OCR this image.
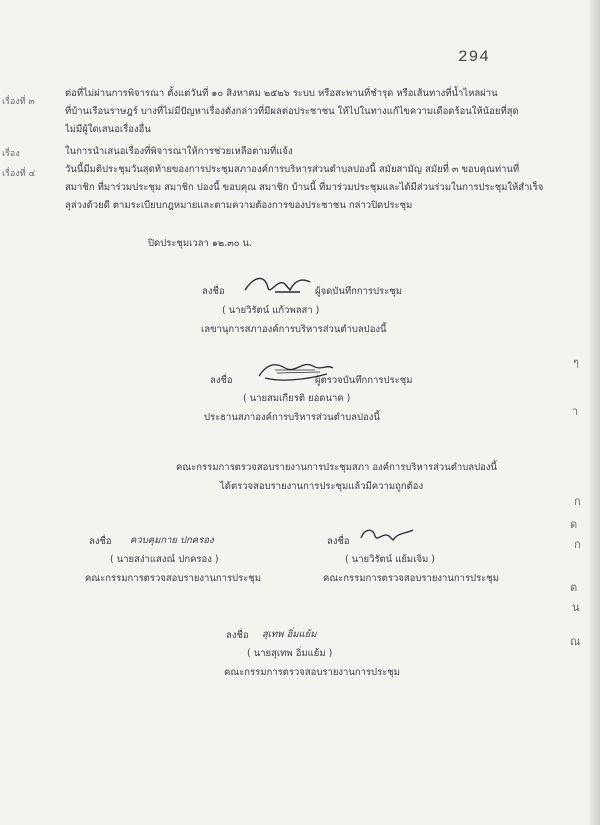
294
เรื่องที่ ๓
เรื่อง
เรื่องที่ ๔
ต่อที่ไม่ผ่านการพิจารณา ตั้งแต่วันที่ ๑๐ สิงหาคม ๒๕๒๖ ระบบ หรือสะพานที่ชำรุด หรือเส้นทางที่น้ำไหลผ่าน
ที่บ้านเรือนราษฎร์ บางที่ไม่มีปัญหาเรื่องดังกล่าวที่มีผลต่อประชาชน ให้ไปในทางแก้ไขความเดือดร้อนให้น้อยที่สุด
ไม่มีผู้ใดเสนอเรื่องอื่น
ในการนำเสนอเรื่องที่พิจารณาให้การช่วยเหลือตามที่แจ้ง
วันนี้มีมติประชุมวันสุดท้ายของการประชุมสภาองค์การบริหารส่วนตำบลปองนี้ สมัยสามัญ สมัยที่ ๓ ขอบคุณท่านที่
สมาชิก ที่มาร่วมประชุม สมาชิก ปองนี้ ขอบคุณ สมาชิก บ้านนี้ ที่มาร่วมประชุมและได้มีส่วนร่วมในการประชุมให้สำเร็จ
ลุล่วงด้วยดี ตามระเบียบกฎหมายและตามความต้องการของประชาชน กล่าวปิดประชุม
ปิดประชุมเวลา ๑๒.๓๐ น.
ลงชื่อ	ผู้จดบันทึกการประชุม
( นายวิรัตน์ แก้วพลสา )
เลขานุการสภาองค์การบริหารส่วนตำบลปองนี้
ลงชื่อ	ผู้ตรวจบันทึกการประชุม
( นายสมเกียรติ ยอดนาค )
ประธานสภาองค์การบริหารส่วนตำบลปองนี้
คณะกรรมการตรวจสอบรายงานการประชุมสภา องค์การบริหารส่วนตำบลปองนี้
ได้ตรวจสอบรายงานการประชุมแล้วมีความถูกต้อง
ลงชื่อ ควบคุมกาย ปกครอง
( นายสง่าแสงณ์ ปกครอง )
คณะกรรมการตรวจสอบรายงานการประชุม
ลงชื่อ
( นายวิรัตน์ แย้มเจิม )
คณะกรรมการตรวจสอบรายงานการประชุม
ลงชื่อ สุเทพ อิ่มแย้ม
( นายสุเทพ อิ่มแย้ม )
คณะกรรมการตรวจสอบรายงานการประชุม
ๆ
า
ก
ด
ก
ต
น
ณ
